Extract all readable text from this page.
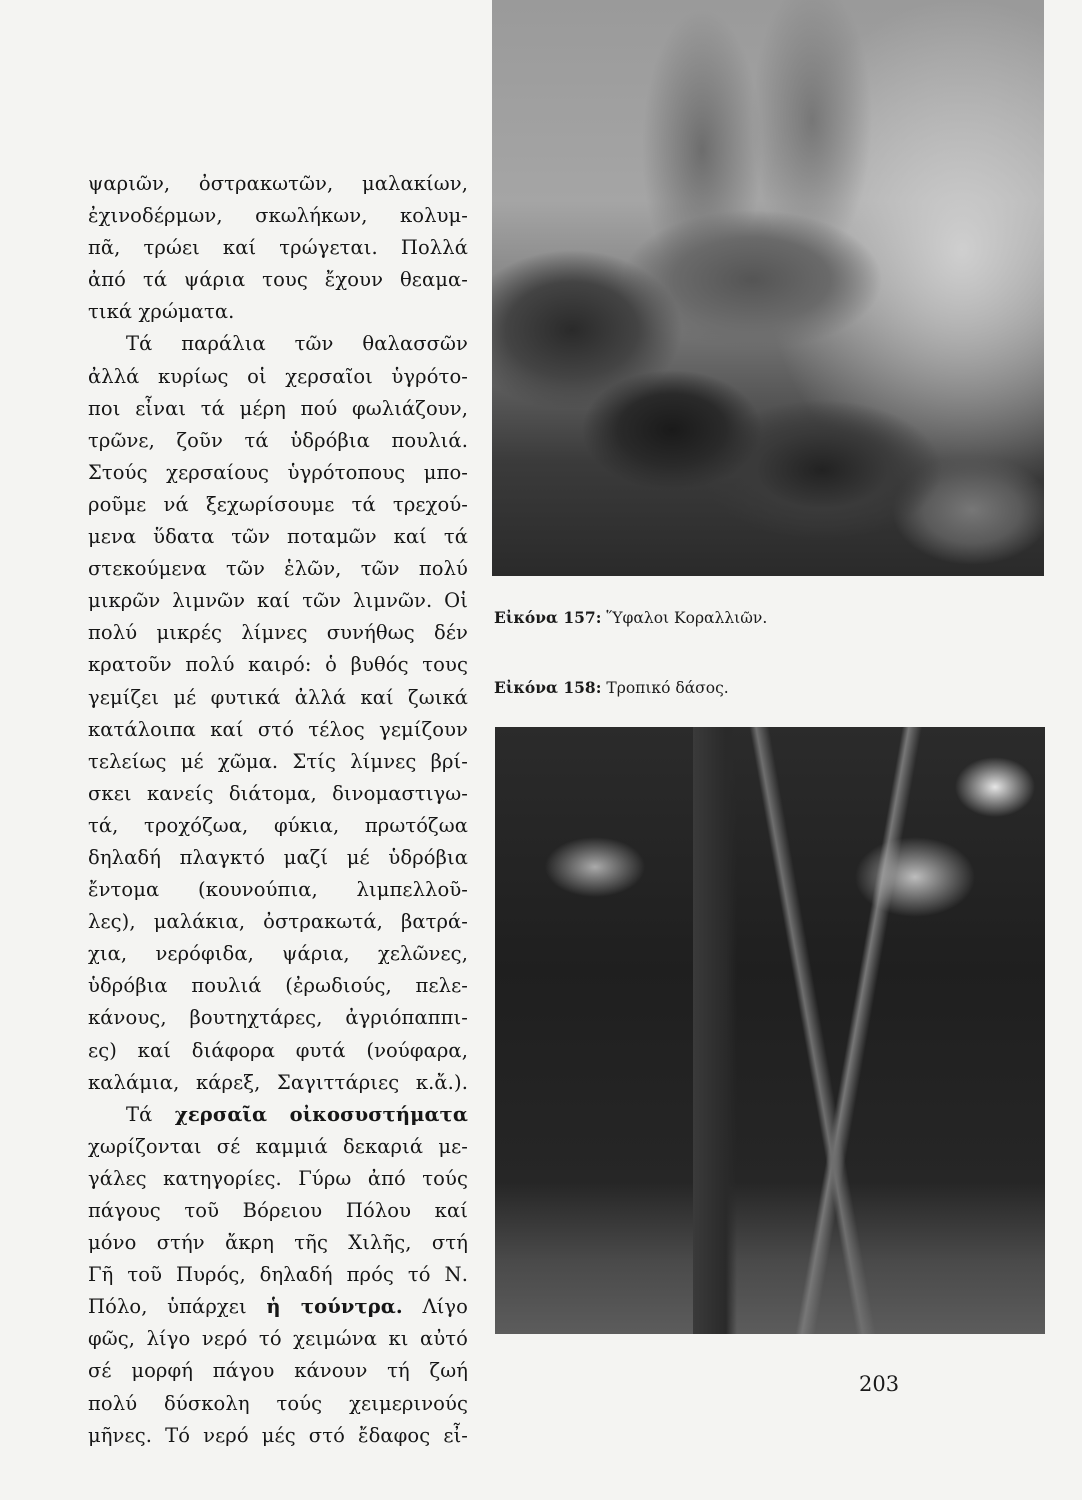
ψαριῶν, ὀστρακωτῶν, μαλακίων,
ἐχινοδέρμων, σκωλήκων, κολυμ-
πᾶ, τρώει καί τρώγεται. Πολλά
ἀπό τά ψάρια τους ἔχουν θεαμα-
τικά χρώματα.
Τά παράλια τῶν θαλασσῶν
ἀλλά κυρίως οἱ χερσαῖοι ὑγρότο-
ποι εἶναι τά μέρη πού φωλιάζουν,
τρῶνε, ζοῦν τά ὑδρόβια πουλιά.
Στούς χερσαίους ὑγρότοπους μπο-
ροῦμε νά ξεχωρίσουμε τά τρεχού-
μενα ὕδατα τῶν ποταμῶν καί τά
στεκούμενα τῶν ἑλῶν, τῶν πολύ
μικρῶν λιμνῶν καί τῶν λιμνῶν. Οἱ
πολύ μικρές λίμνες συνήθως δέν
κρατοῦν πολύ καιρό: ὁ βυθός τους
γεμίζει μέ φυτικά ἀλλά καί ζωικά
κατάλοιπα καί στό τέλος γεμίζουν
τελείως μέ χῶμα. Στίς λίμνες βρί-
σκει κανείς διάτομα, δινομαστιγω-
τά, τροχόζωα, φύκια, πρωτόζωα
δηλαδή πλαγκτό μαζί μέ ὑδρόβια
ἔντομα (κουνούπια, λιμπελλοῦ-
λες), μαλάκια, ὀστρακωτά, βατρά-
χια, νερόφιδα, ψάρια, χελῶνες,
ὑδρόβια πουλιά (ἐρωδιούς, πελε-
κάνους, βουτηχτάρες, ἀγριόπαππι-
ες) καί διάφορα φυτά (νούφαρα,
καλάμια, κάρεξ, Σαγιττάριες κ.ἄ.).
Τά χερσαῖα οἰκοσυστήματα
χωρίζονται σέ καμμιά δεκαριά με-
γάλες κατηγορίες. Γύρω ἀπό τούς
πάγους τοῦ Βόρειου Πόλου καί
μόνο στήν ἄκρη τῆς Χιλῆς, στή
Γῆ τοῦ Πυρός, δηλαδή πρός τό Ν.
Πόλο, ὑπάρχει ἡ τούντρα. Λίγο
φῶς, λίγο νερό τό χειμώνα κι αὐτό
σέ μορφή πάγου κάνουν τή ζωή
πολύ δύσκολη τούς χειμερινούς
μῆνες. Τό νερό μές στό ἔδαφος εἶ-
Εἰκόνα 157: Ὕφαλοι Κοραλλιῶν.
Εἰκόνα 158: Τροπικό δάσος.
203
